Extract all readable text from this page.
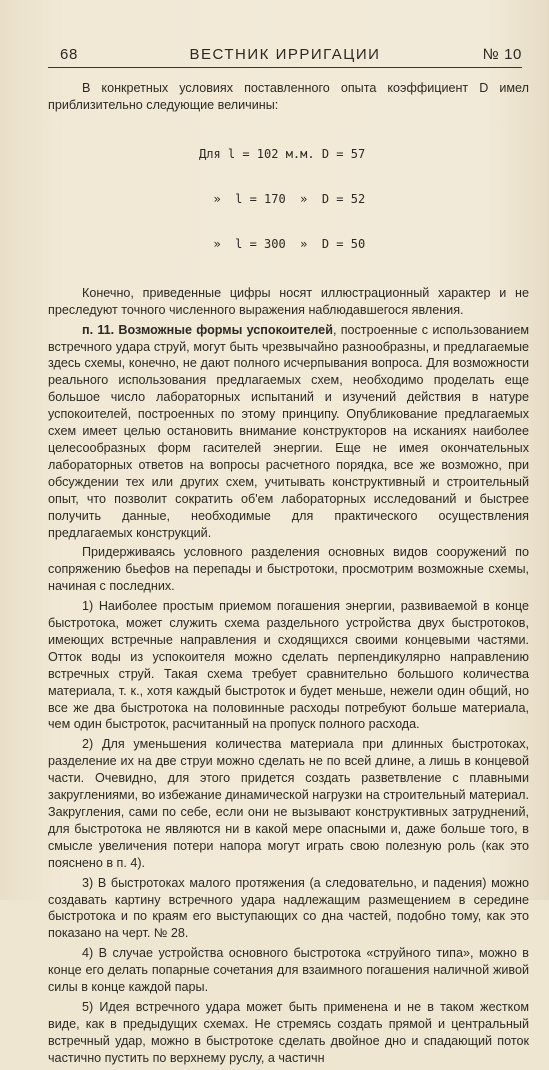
ВЕСТНИК ИРРИГАЦИИ
68	№ 10

В конкретных условиях поставленного опыта коэффициент D имел приблизительно следующие величины:

Для l = 102 м.м. D = 57

»  l = 170  »  D = 52

»  l = 300  »  D = 50

Конечно, приведенные цифры носят иллюстрационный характер и не преследуют точного численного выражения наблюдавшегося явления.

п. 11. Возможные формы успокоителей, построенные с использованием встречного удара струй, могут быть чрезвычайно разнообразны, и предлагаемые здесь схемы, конечно, не дают полного исчерпывания вопроса. Для возможности реального использования предлагаемых схем, необходимо проделать еще большое число лабораторных испытаний и изучений действия в натуре успокоителей, построенных по этому принципу. Опубликование предлагаемых схем имеет целью остановить внимание конструкторов на исканиях наиболее целесообразных форм гасителей энергии. Еще не имея окончательных лабораторных ответов на вопросы расчетного порядка, все же возможно, при обсуждении тех или других схем, учитывать конструктивный и строительный опыт, что позволит сократить об'ем лабораторных исследований и быстрее получить данные, необходимые для практического осуществления предлагаемых конструкций.

Придерживаясь условного разделения основных видов сооружений по сопряжению бьефов на перепады и быстротоки, просмотрим возможные схемы, начиная с последних.

1) Наиболее простым приемом погашения энергии, развиваемой в конце быстротока, может служить схема раздельного устройства двух быстротоков, имеющих встречные направления и сходящихся своими концевыми частями. Отток воды из успокоителя можно сделать перпендикулярно направлению встречных струй. Такая схема требует сравнительно большого количества материала, т. к., хотя каждый быстроток и будет меньше, нежели один общий, но все же два быстротока на половинные расходы потребуют больше материала, чем один быстроток, расчитанный на пропуск полного расхода.

2) Для уменьшения количества материала при длинных быстротоках, разделение их на две струи можно сделать не по всей длине, а лишь в концевой части. Очевидно, для этого придется создать разветвление с плавными закруглениями, во избежание динамической нагрузки на строительный материал. Закругления, сами по себе, если они не вызывают конструктивных затруднений, для быстротока не являются ни в какой мере опасными и, даже больше того, в смысле увеличения потери напора могут играть свою полезную роль (как это пояснено в п. 4).

3) В быстротоках малого протяжения (а следовательно, и падения) можно создавать картину встречного удара надлежащим размещением в середине быстротока и по краям его выступающих со дна частей, подобно тому, как это показано на черт. № 28.

4) В случае устройства основного быстротока «струйного типа», можно в конце его делать попарные сочетания для взаимного погашения наличной живой силы в конце каждой пары.

5) Идея встречного удара может быть применена и не в таком жестком виде, как в предыдущих схемах. Не стремясь создать прямой и центральный встречный удар, можно в быстротоке сделать двойное дно и спадающий поток частично пустить по верхнему руслу, а частичн
